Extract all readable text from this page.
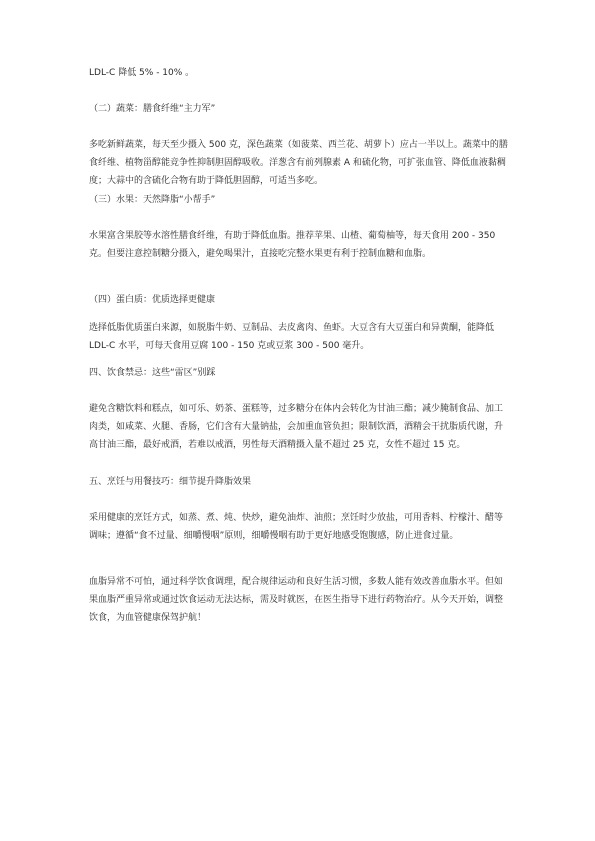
LDL-C 降低 5% - 10% 。

（二）蔬菜：膳食纤维“主力军”

多吃新鲜蔬菜，每天至少摄入 500 克，深色蔬菜（如菠菜、西兰花、胡萝卜）应占一半以上。蔬菜中的膳食纤维、植物甾醇能竞争性抑制胆固醇吸收。洋葱含有前列腺素 A 和硫化物，可扩张血管、降低血液黏稠度；大蒜中的含硫化合物有助于降低胆固醇，可适当多吃。

（三）水果：天然降脂“小帮手”

水果富含果胶等水溶性膳食纤维，有助于降低血脂。推荐苹果、山楂、葡萄柚等，每天食用 200 - 350 克。但要注意控制糖分摄入，避免喝果汁，直接吃完整水果更有利于控制血糖和血脂。

（四）蛋白质：优质选择更健康

选择低脂优质蛋白来源，如脱脂牛奶、豆制品、去皮禽肉、鱼虾。大豆含有大豆蛋白和异黄酮，能降低 LDL-C 水平，可每天食用豆腐 100 - 150 克或豆浆 300 - 500 毫升。

四、饮食禁忌：这些“雷区”别踩

避免含糖饮料和糕点，如可乐、奶茶、蛋糕等，过多糖分在体内会转化为甘油三酯；减少腌制食品、加工肉类，如咸菜、火腿、香肠，它们含有大量钠盐，会加重血管负担；限制饮酒，酒精会干扰脂质代谢，升高甘油三酯，最好戒酒，若难以戒酒，男性每天酒精摄入量不超过 25 克，女性不超过 15 克。

五、烹饪与用餐技巧：细节提升降脂效果

采用健康的烹饪方式，如蒸、煮、炖、快炒，避免油炸、油煎；烹饪时少放盐，可用香料、柠檬汁、醋等调味；遵循“食不过量、细嚼慢咽”原则，细嚼慢咽有助于更好地感受饱腹感，防止进食过量。

血脂异常不可怕，通过科学饮食调理，配合规律运动和良好生活习惯，多数人能有效改善血脂水平。但如果血脂严重异常或通过饮食运动无法达标，需及时就医，在医生指导下进行药物治疗。从今天开始，调整饮食，为血管健康保驾护航！
